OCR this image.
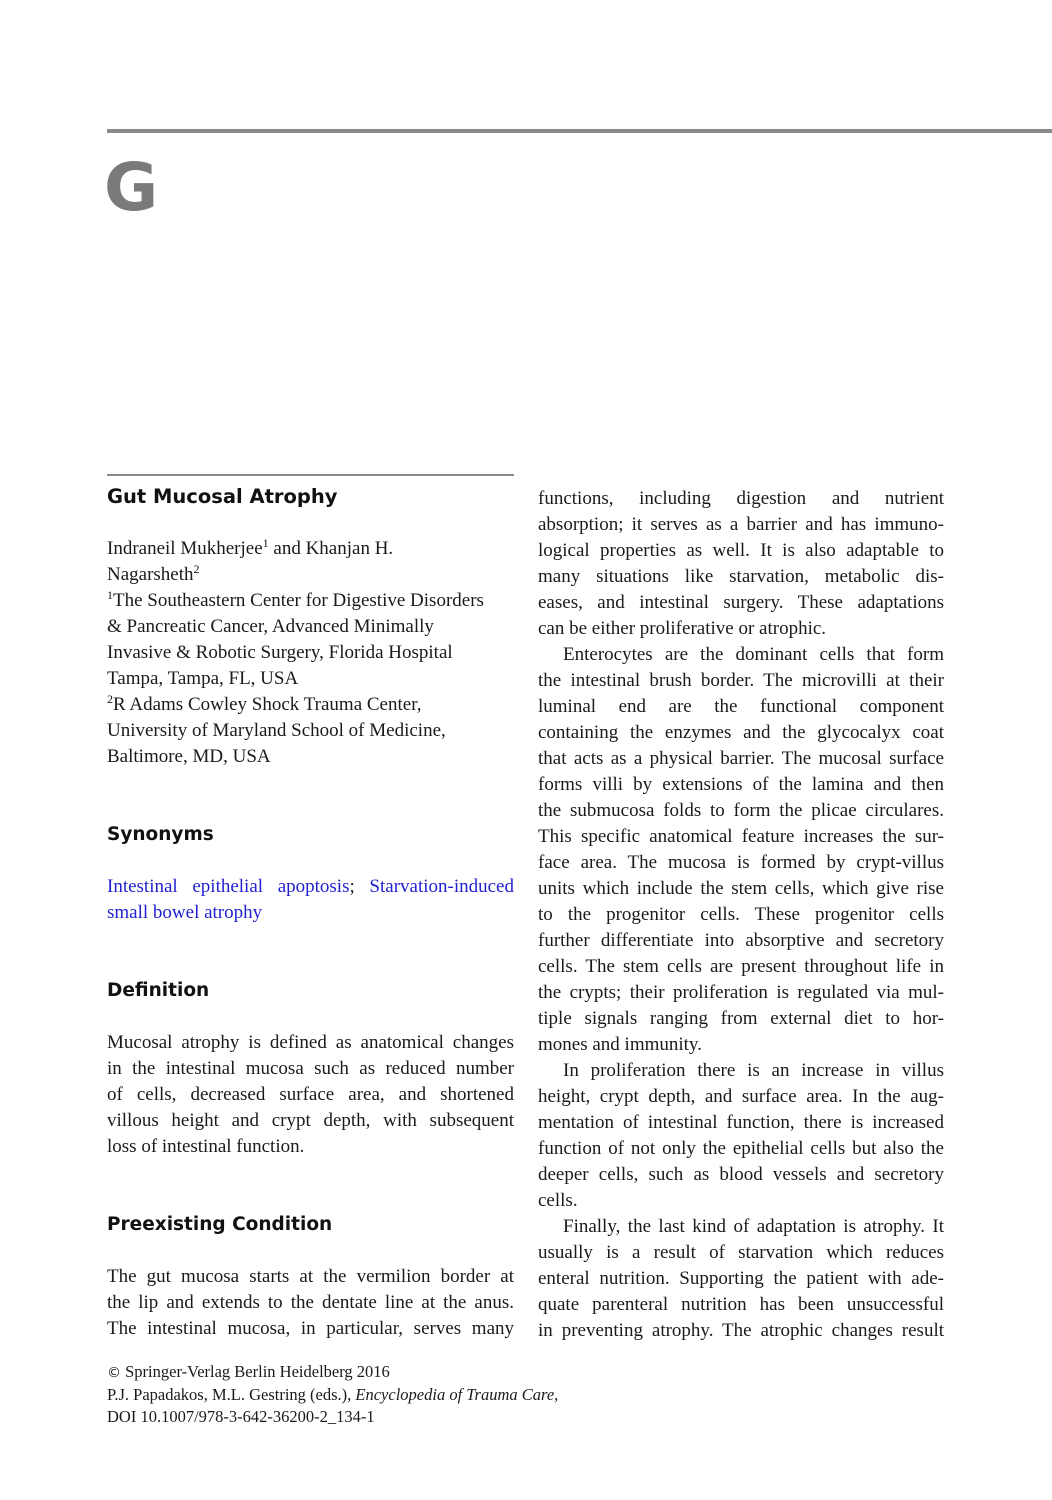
G
Gut Mucosal Atrophy
Indraneil Mukherjee$^1$ and Khanjan H.
Nagarsheth$^2$
$^1$The Southeastern Center for Digestive Disorders
& Pancreatic Cancer, Advanced Minimally
Invasive & Robotic Surgery, Florida Hospital
Tampa, Tampa, FL, USA
$^2$R Adams Cowley Shock Trauma Center,
University of Maryland School of Medicine,
Baltimore, MD, USA
Synonyms
Intestinal epithelial apoptosis; Starvation-induced
small bowel atrophy
Definition
Mucosal atrophy is defined as anatomical changes
in the intestinal mucosa such as reduced number
of cells, decreased surface area, and shortened
villous height and crypt depth, with subsequent
loss of intestinal function.
Preexisting Condition
The gut mucosa starts at the vermilion border at
the lip and extends to the dentate line at the anus.
The intestinal mucosa, in particular, serves many
functions, including digestion and nutrient
absorption; it serves as a barrier and has immuno-
logical properties as well. It is also adaptable to
many situations like starvation, metabolic dis-
eases, and intestinal surgery. These adaptations
can be either proliferative or atrophic.
Enterocytes are the dominant cells that form
the intestinal brush border. The microvilli at their
luminal end are the functional component
containing the enzymes and the glycocalyx coat
that acts as a physical barrier. The mucosal surface
forms villi by extensions of the lamina and then
the submucosa folds to form the plicae circulares.
This specific anatomical feature increases the sur-
face area. The mucosa is formed by crypt-villus
units which include the stem cells, which give rise
to the progenitor cells. These progenitor cells
further differentiate into absorptive and secretory
cells. The stem cells are present throughout life in
the crypts; their proliferation is regulated via mul-
tiple signals ranging from external diet to hor-
mones and immunity.
In proliferation there is an increase in villus
height, crypt depth, and surface area. In the aug-
mentation of intestinal function, there is increased
function of not only the epithelial cells but also the
deeper cells, such as blood vessels and secretory
cells.
Finally, the last kind of adaptation is atrophy. It
usually is a result of starvation which reduces
enteral nutrition. Supporting the patient with ade-
quate parenteral nutrition has been unsuccessful
in preventing atrophy. The atrophic changes result
© Springer-Verlag Berlin Heidelberg 2016
P.J. Papadakos, M.L. Gestring (eds.), Encyclopedia of Trauma Care,
DOI 10.1007/978-3-642-36200-2_134-1
